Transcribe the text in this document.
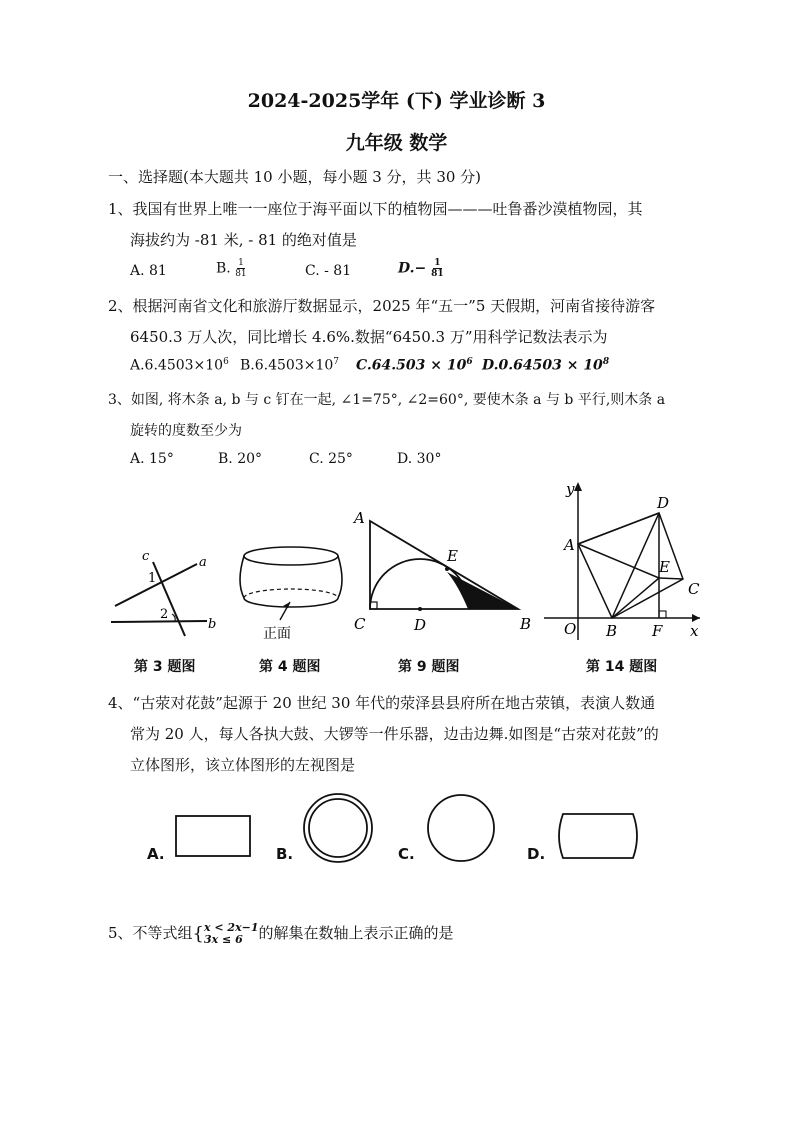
2024-2025学年 (下) 学业诊断 3
九年级 数学
一、选择题(本大题共 10 小题，每小题 3 分，共 30 分)
1、我国有世界上唯一一座位于海平面以下的植物园———吐鲁番沙漠植物园，其
海拔约为 -81 米, - 81 的绝对值是
A. 81	B. $\frac{1}{81}$	C. - 81	$D.- \frac{1}{81}$
2、根据河南省文化和旅游厅数据显示，2025 年“五一”5 天假期，河南省接待游客
6450.3 万人次，同比增长 4.6%.数据“6450.3 万”用科学记数法表示为
$A.6.4503\times 10^6$ $B.6.4503\times 10^7$ $C.64.503 \times 10^6$ $D.0.64503 \times 10^8$
3、如图, 将木条 a, b 与 c 钉在一起, ∠1=75°, ∠2=60°, 要使木条 a 与 b 平行,则木条 a
旋转的度数至少为
A. 15°	B. 20°	C. 25°	D. 30°
c	a
b
1
2
第 3 题图
正面
第 4 题图
A
E
C	D	B
第 9 题图
y
x
O
A
D
E
C
B F
第 14 题图
4、“古荥对花鼓”起源于 20 世纪 30 年代的荥泽县县府所在地古荥镇，表演人数通
常为 20 人，每人各执大鼓、大锣等一件乐器，边击边舞.如图是“古荥对花鼓”的
立体图形，该立体图形的左视图是
A.	B.	C.	D.
5、不等式组{ x < 2x−1
3x ≤ 6	的解集在数轴上表示正确的是
